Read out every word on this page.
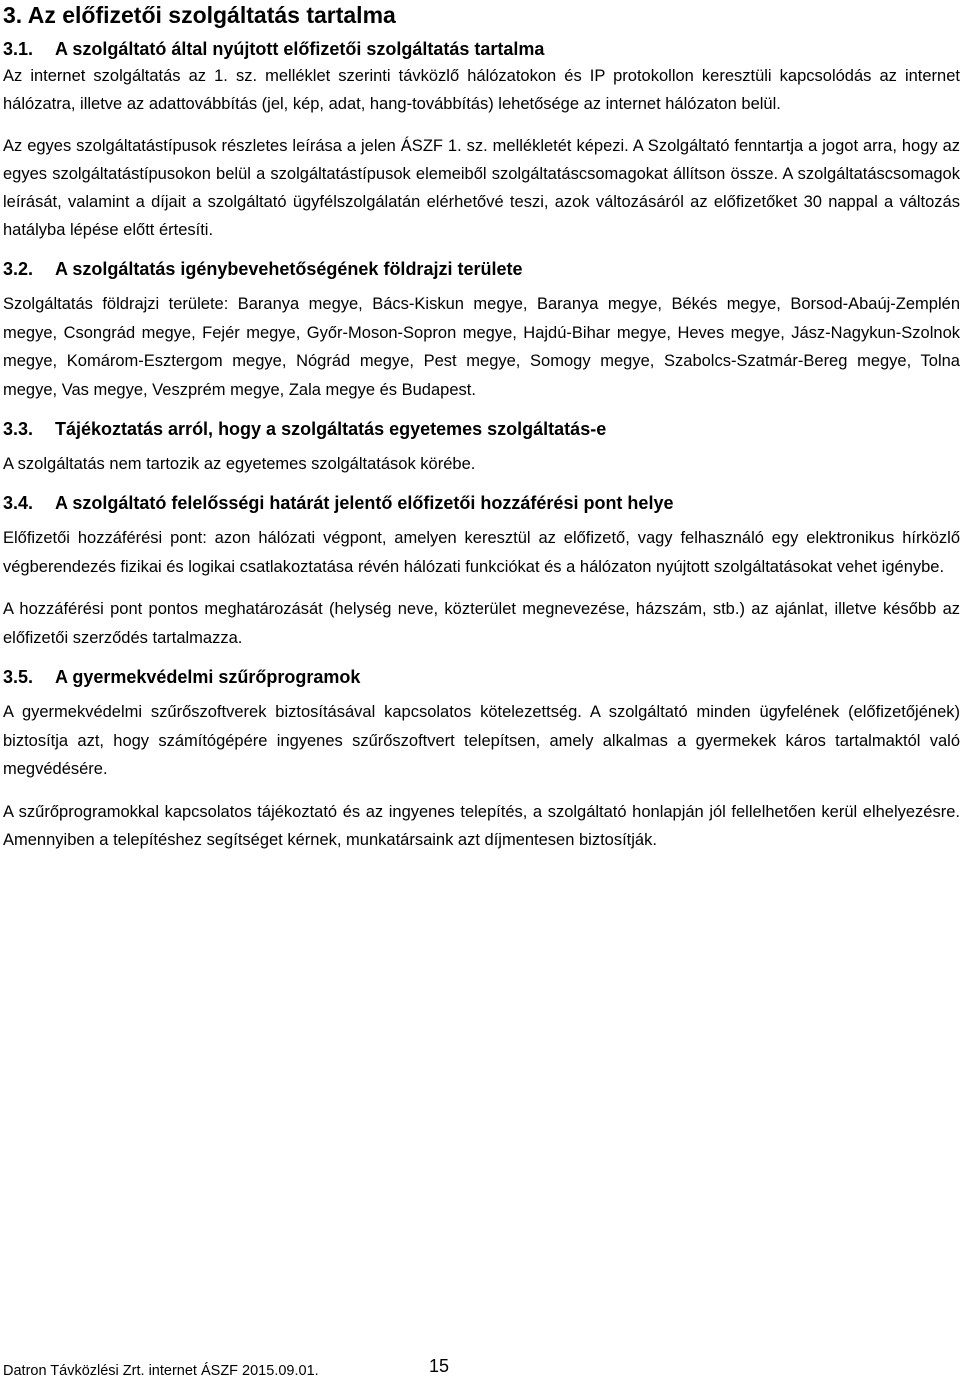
3. Az előfizetői szolgáltatás tartalma
3.1. A szolgáltató által nyújtott előfizetői szolgáltatás tartalma

Az internet szolgáltatás az 1. sz. melléklet szerinti távközlő hálózatokon és IP protokollon keresztüli kapcsolódás az internet hálózatra, illetve az adattovábbítás (jel, kép, adat, hang-továbbítás) lehetősége az internet hálózaton belül.

Az egyes szolgáltatástípusok részletes leírása a jelen ÁSZF 1. sz. mellékletét képezi. A Szolgáltató fenntartja a jogot arra, hogy az egyes szolgáltatástípusokon belül a szolgáltatástípusok elemeiből szolgáltatáscsomagokat állítson össze. A szolgáltatáscsomagok leírását, valamint a díjait a szolgáltató ügyfélszolgálatán elérhetővé teszi, azok változásáról az előfizetőket 30 nappal a változás hatályba lépése előtt értesíti.

3.2. A szolgáltatás igénybevehetőségének földrajzi területe

Szolgáltatás földrajzi területe: Baranya megye, Bács-Kiskun megye, Baranya megye, Békés megye, Borsod-Abaúj-Zemplén megye, Csongrád megye, Fejér megye, Győr-Moson-Sopron megye, Hajdú-Bihar megye, Heves megye, Jász-Nagykun-Szolnok megye, Komárom-Esztergom megye, Nógrád megye, Pest megye, Somogy megye, Szabolcs-Szatmár-Bereg megye, Tolna megye, Vas megye, Veszprém megye, Zala megye és Budapest.

3.3. Tájékoztatás arról, hogy a szolgáltatás egyetemes szolgáltatás-e

A szolgáltatás nem tartozik az egyetemes szolgáltatások körébe.

3.4. A szolgáltató felelősségi határát jelentő előfizetői hozzáférési pont helye

Előfizetői hozzáférési pont: azon hálózati végpont, amelyen keresztül az előfizető, vagy felhasználó egy elektronikus hírközlő végberendezés fizikai és logikai csatlakoztatása révén hálózati funkciókat és a hálózaton nyújtott szolgáltatásokat vehet igénybe.

A hozzáférési pont pontos meghatározását (helység neve, közterület megnevezése, házszám, stb.) az ajánlat, illetve később az előfizetői szerződés tartalmazza.

3.5. A gyermekvédelmi szűrőprogramok

A gyermekvédelmi szűrőszoftverek biztosításával kapcsolatos kötelezettség. A szolgáltató minden ügyfelének (előfizetőjének) biztosítja azt, hogy számítógépére ingyenes szűrőszoftvert telepítsen, amely alkalmas a gyermekek káros tartalmaktól való megvédésére.

A szűrőprogramokkal kapcsolatos tájékoztató és az ingyenes telepítés, a szolgáltató honlapján jól fellelhetően kerül elhelyezésre. Amennyiben a telepítéshez segítséget kérnek, munkatársaink azt díjmentesen biztosítják.

Datron Távközlési Zrt. internet ÁSZF 2015.09.01.	15
